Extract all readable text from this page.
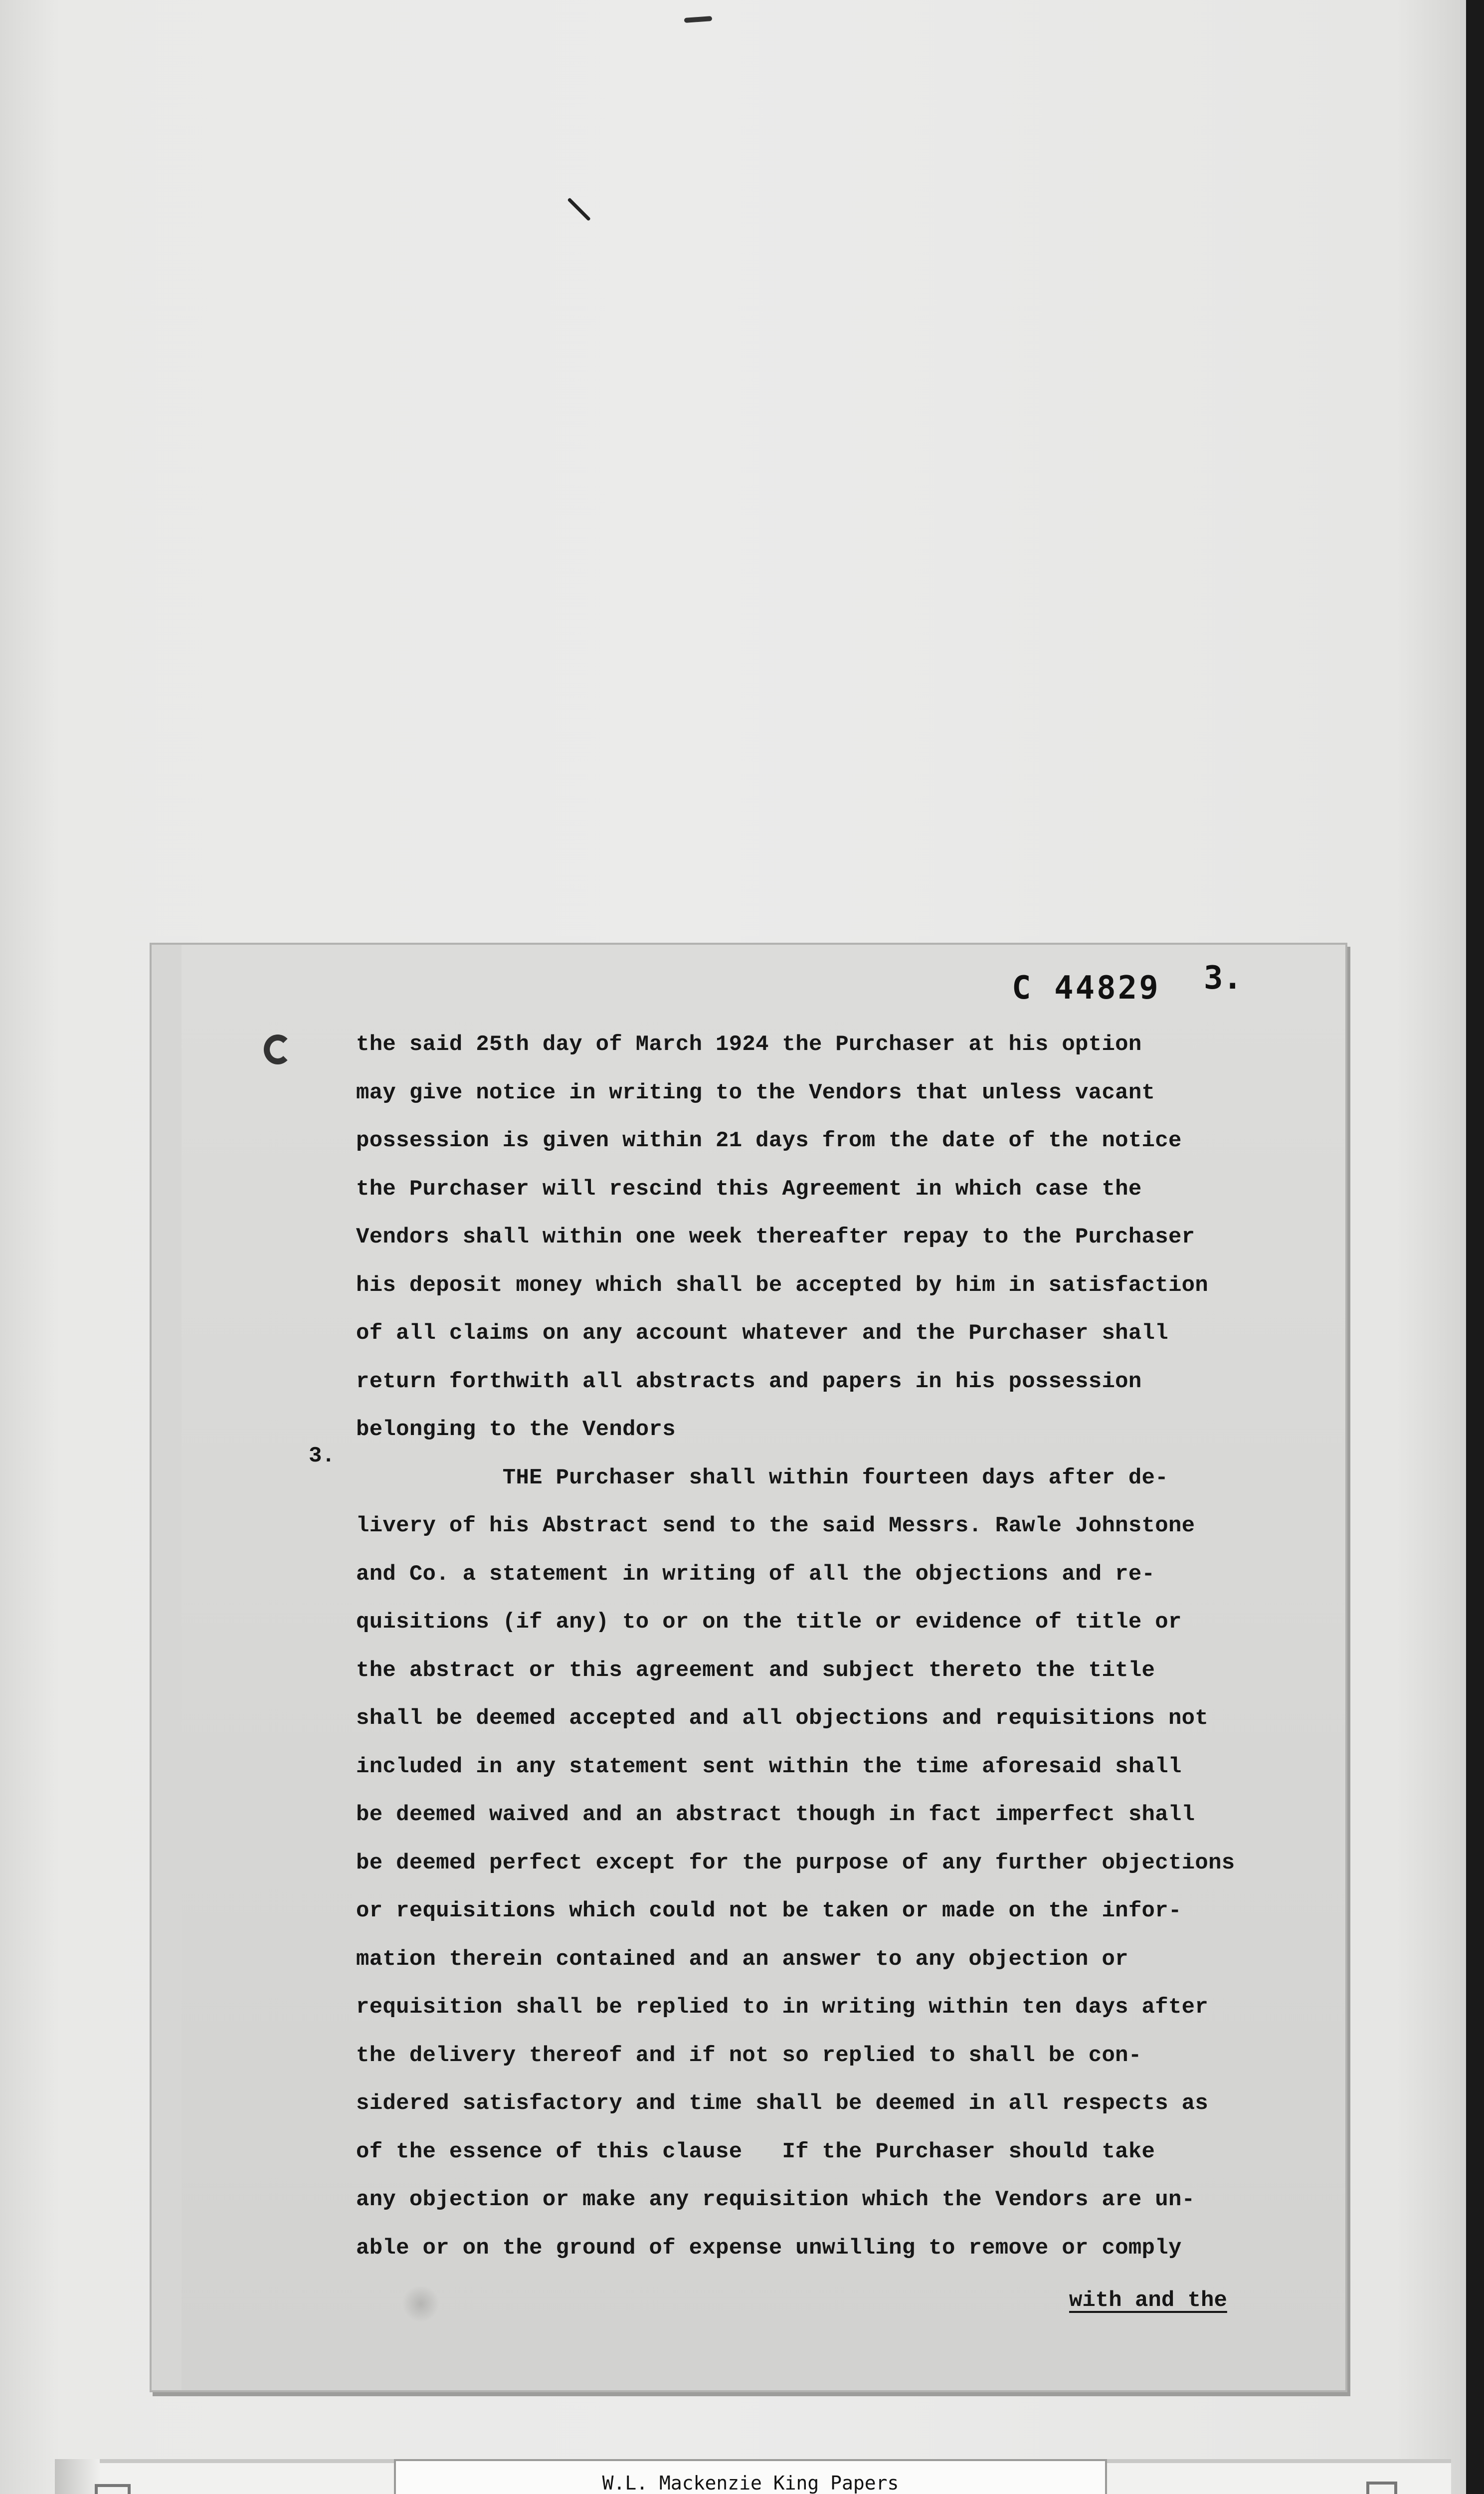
C 44829 3.
3.
the said 25th day of March 1924 the Purchaser at his option
may give notice in writing to the Vendors that unless vacant
possession is given within 21 days from the date of the notice
the Purchaser will rescind this Agreement in which case the
Vendors shall within one week thereafter repay to the Purchaser
his deposit money which shall be accepted by him in satisfaction
of all claims on any account whatever and the Purchaser shall
return forthwith all abstracts and papers in his possession
belonging to the Vendors
THE Purchaser shall within fourteen days after de-
livery of his Abstract send to the said Messrs. Rawle Johnstone
and Co. a statement in writing of all the objections and re-
quisitions (if any) to or on the title or evidence of title or
the abstract or this agreement and subject thereto the title
shall be deemed accepted and all objections and requisitions not
included in any statement sent within the time aforesaid shall
be deemed waived and an abstract though in fact imperfect shall
be deemed perfect except for the purpose of any further objections
or requisitions which could not be taken or made on the infor-
mation therein contained and an answer to any objection or
requisition shall be replied to in writing within ten days after
the delivery thereof and if not so replied to shall be con-
sidered satisfactory and time shall be deemed in all respects as
of the essence of this clause   If the Purchaser should take
any objection or make any requisition which the Vendors are un-
able or on the ground of expense unwilling to remove or comply
with and the
W.L. Mackenzie King Papers
